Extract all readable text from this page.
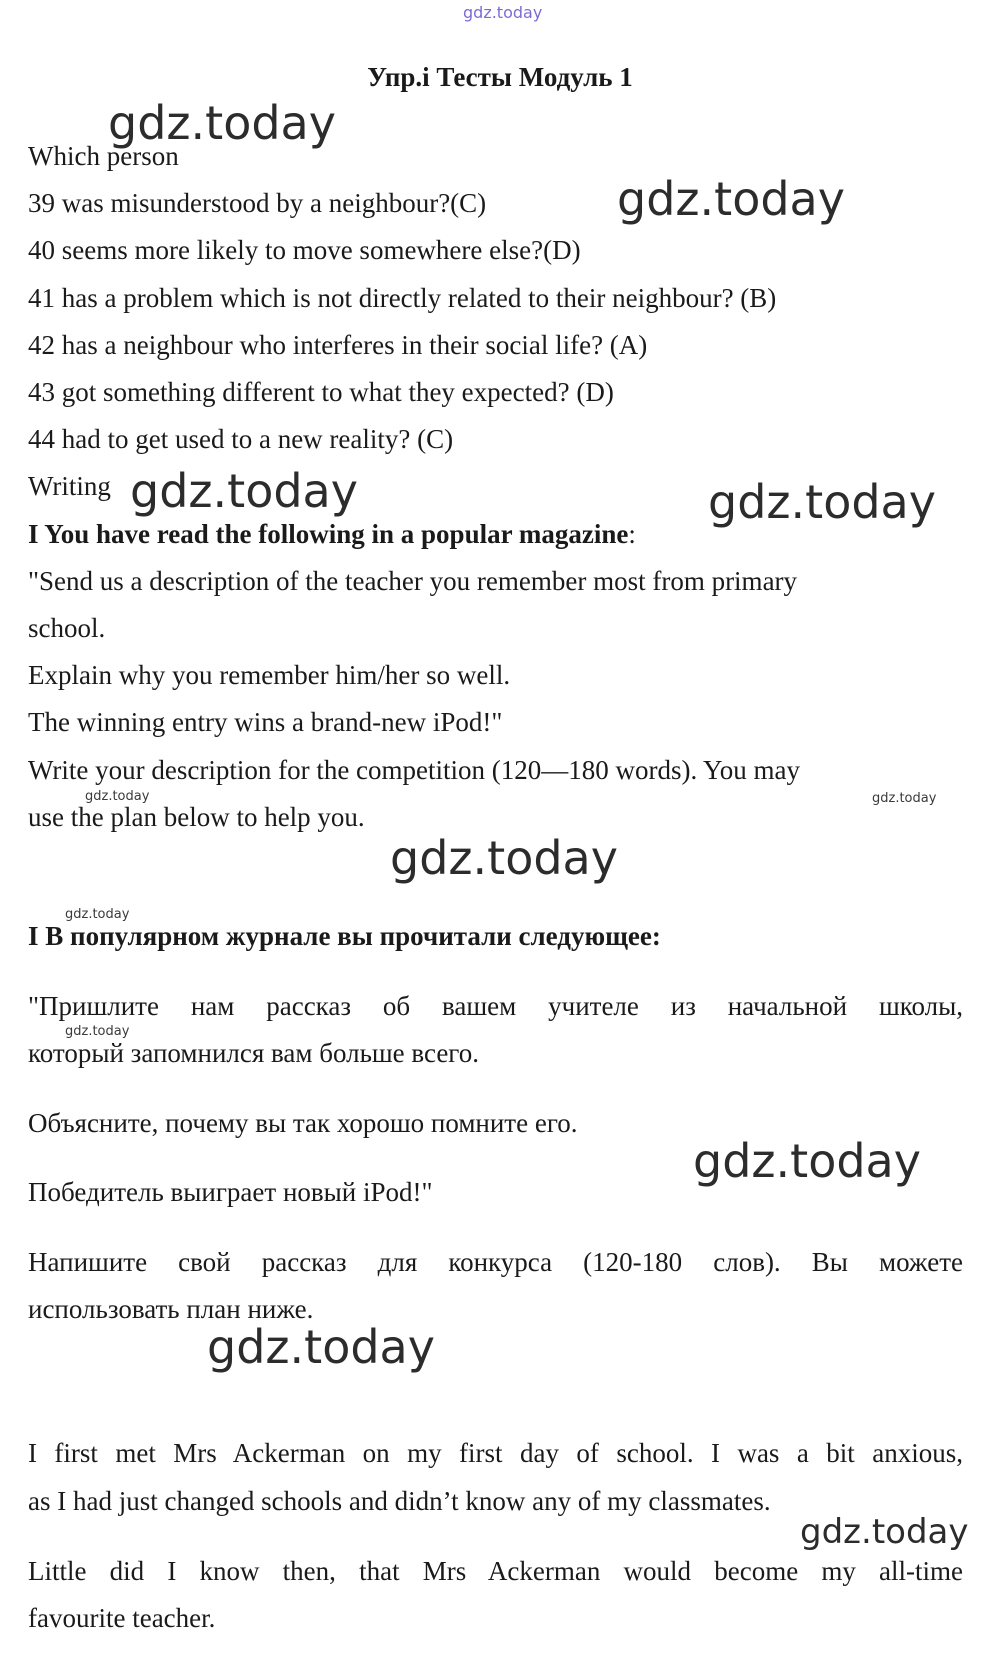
gdz.today
Упр.i Тесты Модуль 1
Which person
39 was misunderstood by a neighbour?(C)
40 seems more likely to move somewhere else?(D)
41 has a problem which is not directly related to their neighbour? (B)
42 has a neighbour who interferes in their social life? (A)
43 got something different to what they expected? (D)
44 had to get used to a new reality? (C)
Writing
I You have read the following in a popular magazine:
"Send us a description of the teacher you remember most from primary
school.
Explain why you remember him/her so well.
The winning entry wins a brand-new iPod!"
Write your description for the competition (120—180 words). You may
use the plan below to help you.
I В популярном журнале вы прочитали следующее:
"Пришлите нам рассказ об вашем учителе из начальной школы,
который запомнился вам больше всего.
Объясните, почему вы так хорошо помните его.
Победитель выиграет новый iPod!"
Напишите свой рассказ для конкурса (120-180 слов). Вы можете
использовать план ниже.
I first met Mrs Ackerman on my first day of school. I was a bit anxious,
as I had just changed schools and didn’t know any of my classmates.
Little did I know then, that Mrs Ackerman would become my all-time
favourite teacher.
gdz.today
gdz.today
gdz.today	gdz.today
gdz.today
gdz.today
gdz.today
gdz.today
gdz.today	gdz.today
gdz.today
gdz.today
